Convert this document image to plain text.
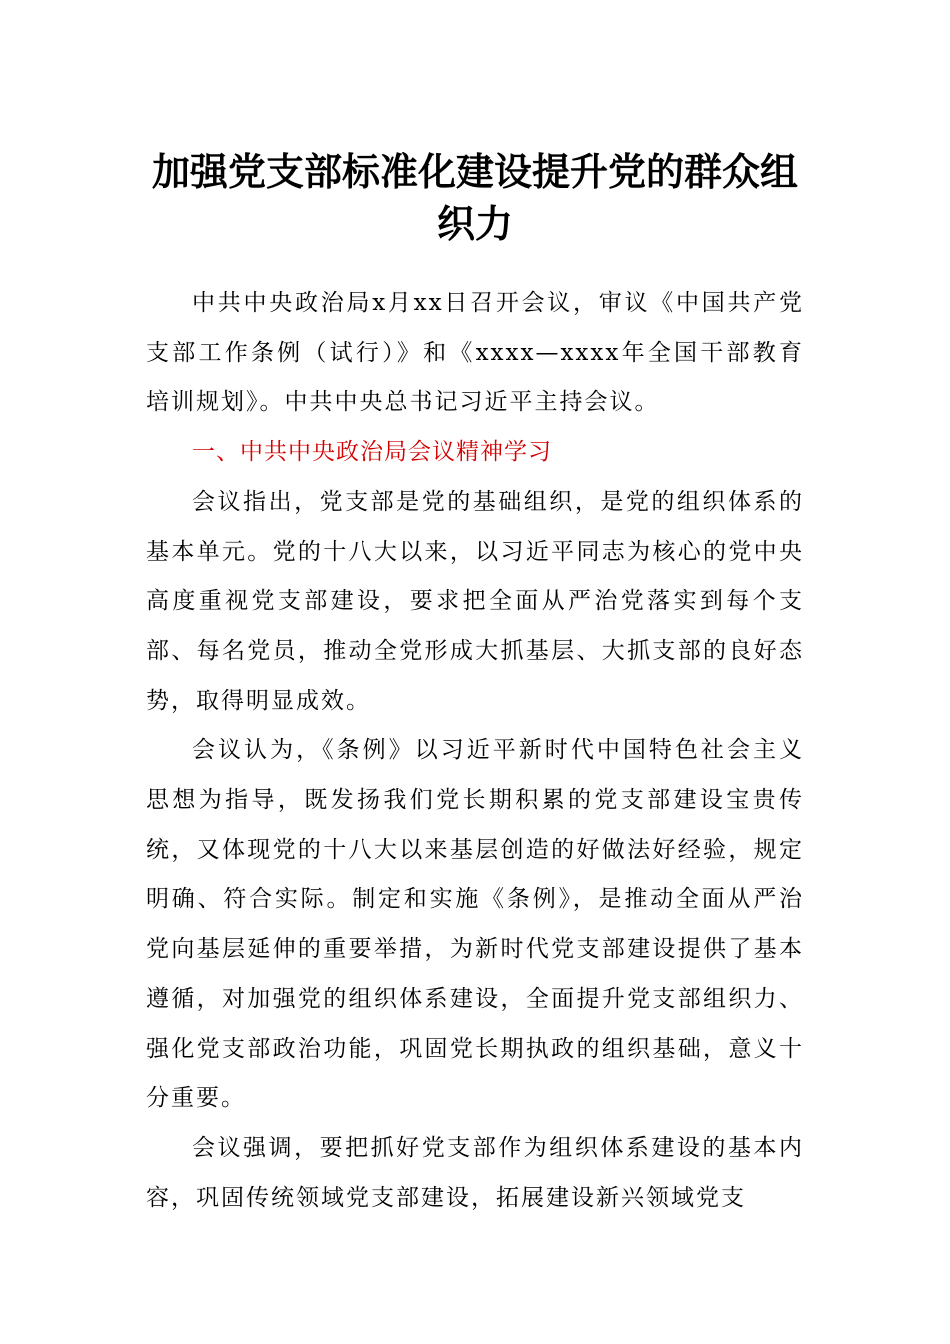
加强党支部标准化建设提升党的群众组织力

中共中央政治局x月xx日召开会议，审议《中国共产党支部工作条例（试行）》和《xxxx—xxxx年全国干部教育培训规划》。中共中央总书记习近平主持会议。

一、中共中央政治局会议精神学习

会议指出，党支部是党的基础组织，是党的组织体系的基本单元。党的十八大以来，以习近平同志为核心的党中央高度重视党支部建设，要求把全面从严治党落实到每个支部、每名党员，推动全党形成大抓基层、大抓支部的良好态势，取得明显成效。

会议认为，《条例》以习近平新时代中国特色社会主义思想为指导，既发扬我们党长期积累的党支部建设宝贵传统，又体现党的十八大以来基层创造的好做法好经验，规定明确、符合实际。制定和实施《条例》，是推动全面从严治党向基层延伸的重要举措，为新时代党支部建设提供了基本遵循，对加强党的组织体系建设，全面提升党支部组织力、强化党支部政治功能，巩固党长期执政的组织基础，意义十分重要。

会议强调，要把抓好党支部作为组织体系建设的基本内容，巩固传统领域党支部建设，拓展建设新兴领域党支
